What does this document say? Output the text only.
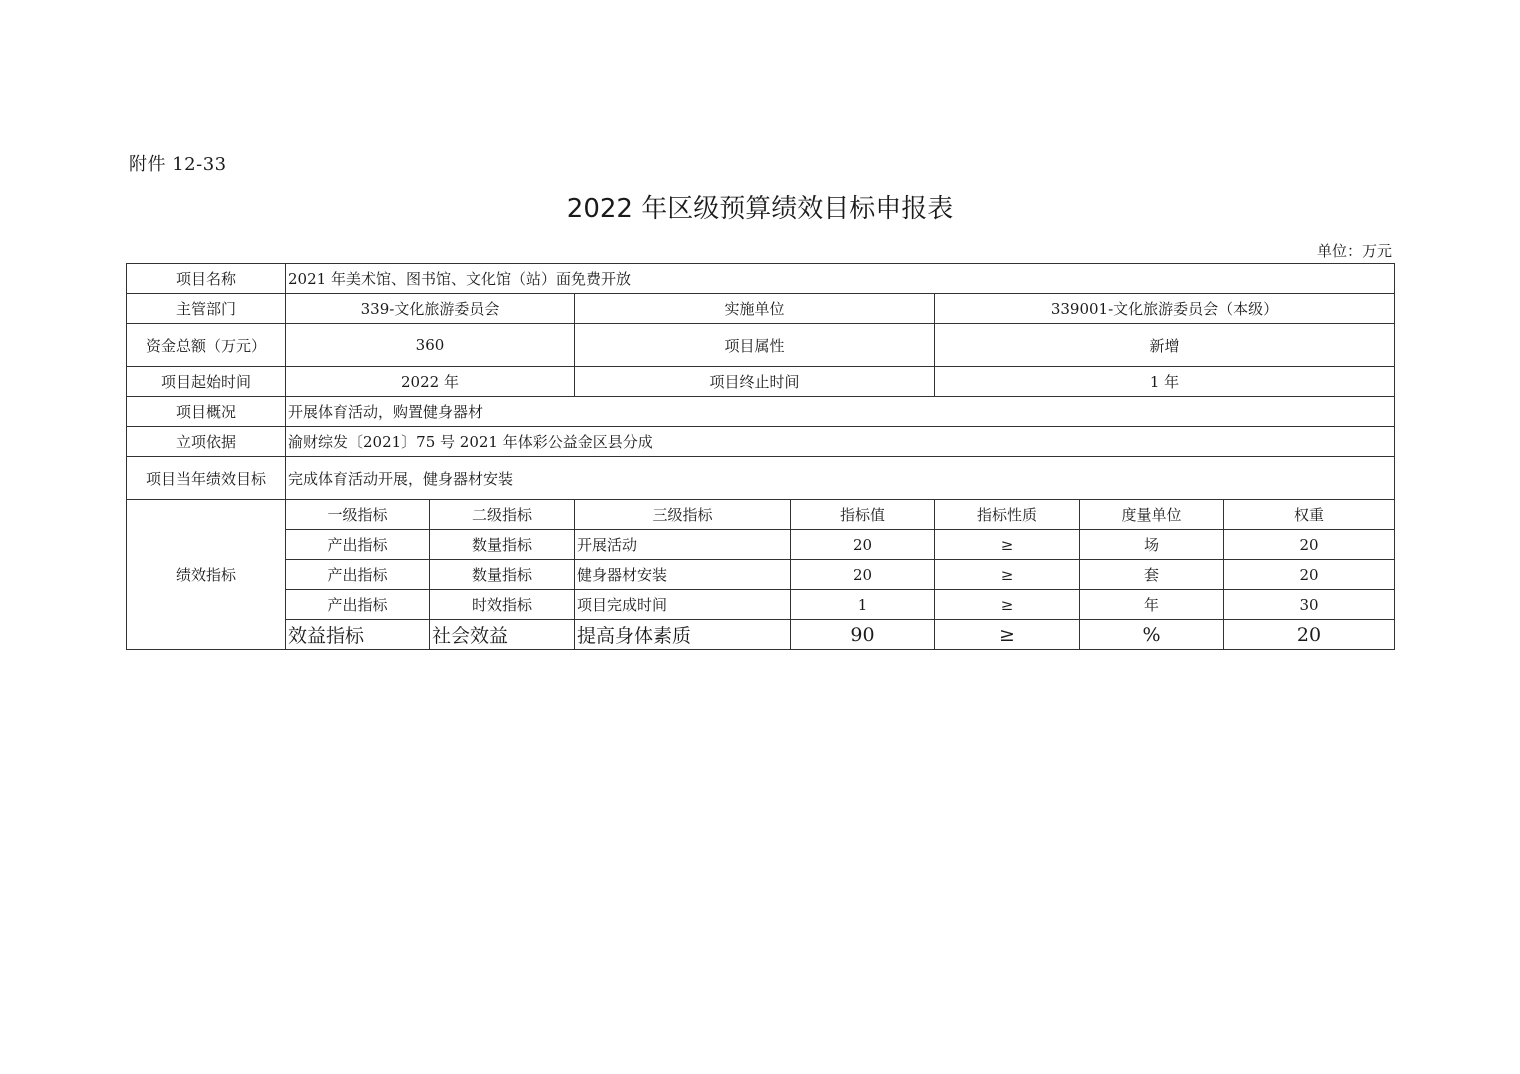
附件 12-33
2022 年区级预算绩效目标申报表
单位：万元
项目名称	2021 年美术馆、图书馆、文化馆（站）面免费开放						
主管部门	339-文化旅游委员会		实施单位		339001-文化旅游委员会（本级）		
资金总额（万元）	360		项目属性		新增		
项目起始时间	2022 年		项目终止时间		1 年		
项目概况	开展体育活动，购置健身器材						
立项依据	渝财综发〔2021〕75 号 2021 年体彩公益金区县分成						
项目当年绩效目标	完成体育活动开展，健身器材安装						
绩效指标	一级指标	二级指标	三级指标	指标值	指标性质	度量单位	权重
	产出指标	数量指标	开展活动	20	≥	场	20
	产出指标	数量指标	健身器材安装	20	≥	套	20
	产出指标	时效指标	项目完成时间	1	≥	年	30
	效益指标	社会效益	提高身体素质	90	≥	%	20
